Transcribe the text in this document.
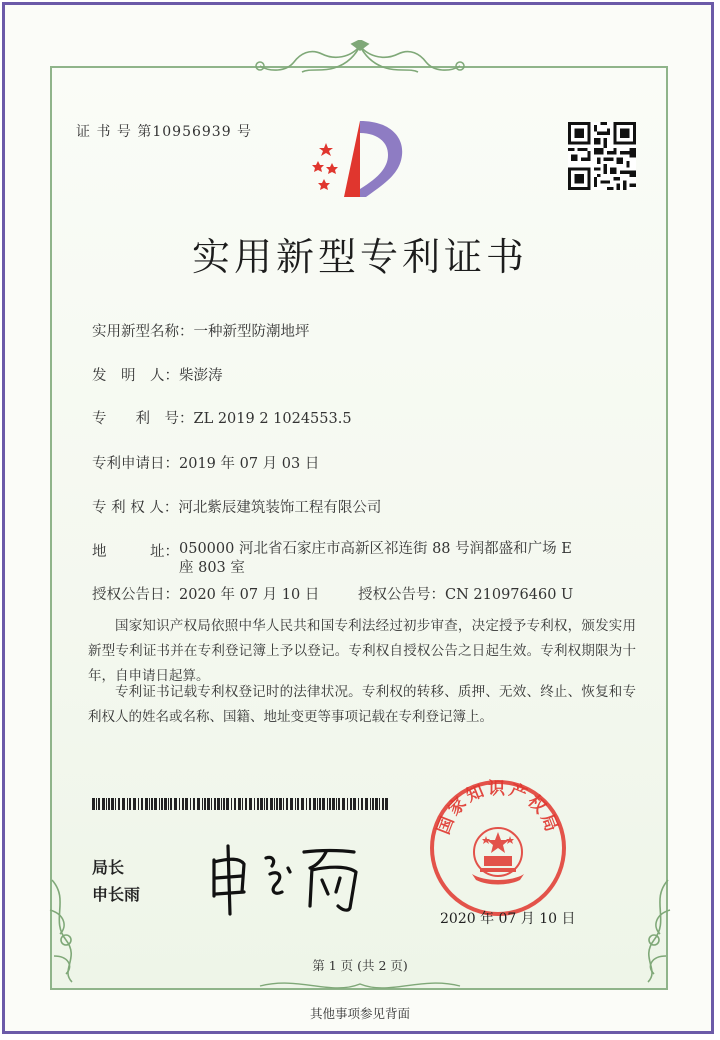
证 书 号 第10956939 号
实用新型专利证书
实用新型名称：一种新型防潮地坪
发　明　人：柴澎涛
专　　利　号：ZL 2019 2 1024553.5
专利申请日：2019 年 07 月 03 日
专 利 权 人：河北紫辰建筑装饰工程有限公司
地　　　址：050000 河北省石家庄市高新区祁连街 88 号润都盛和广场 E
座 803 室
授权公告日：2020 年 07 月 10 日	授权公告号：CN 210976460 U

国家知识产权局依照中华人民共和国专利法经过初步审查，决定授予专利权，颁发实用新型专利证书并在专利登记簿上予以登记。专利权自授权公告之日起生效。专利权期限为十年，自申请日起算。

专利证书记载专利权登记时的法律状况。专利权的转移、质押、无效、终止、恢复和专利权人的姓名或名称、国籍、地址变更等事项记载在专利登记簿上。

局长
申长雨
国家知识产权局
2020 年 07 月 10 日
第 1 页 (共 2 页)
其他事项参见背面
